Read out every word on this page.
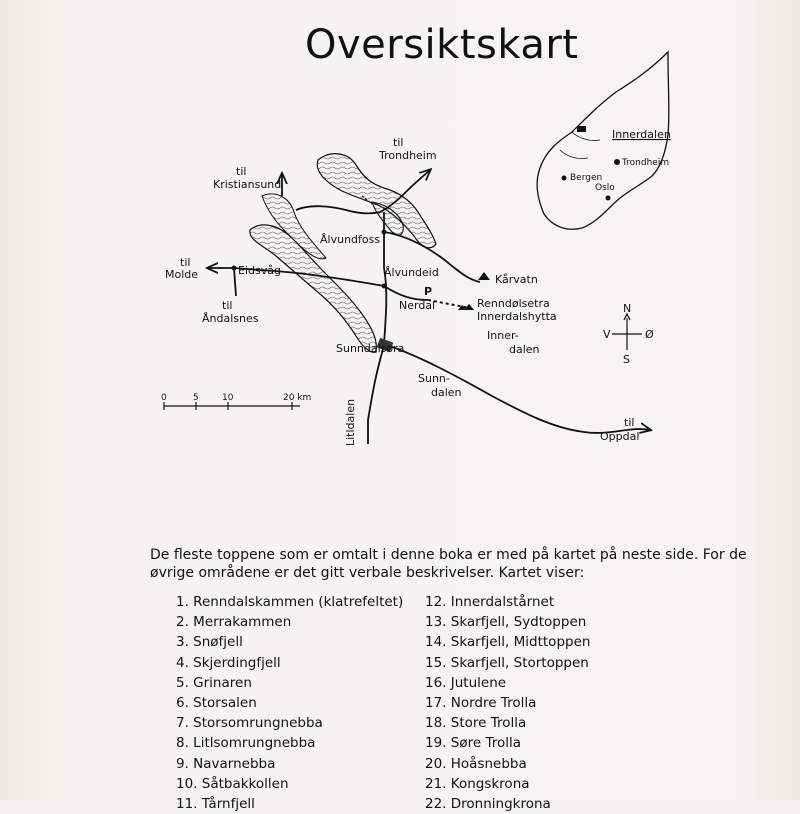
Oversiktskart
til
Trondheim
til
Kristiansund
Ålvundfoss
Ålvundeid
til
Molde	Eidsvåg
til
Åndalsnes
Kårvatn
P
Nerdal	Renndølsetra
Innerdalshytta
Inner-
dalen
Sunndalsøra
Sunn-
dalen
Litldalen	til
Oppdal
N
S
V	Ø
0	5	10	20 km
Trondheim
Innerdalen
Bergen
Oslo
De fleste toppene som er omtalt i denne boka er med på kartet på neste side. For de
øvrige områdene er det gitt verbale beskrivelser. Kartet viser:
1. Renndalskammen (klatrefeltet)
2. Merrakammen
3. Snøfjell
4. Skjerdingfjell
5. Grinaren
6. Storsalen
7. Storsomrungnebba
8. Litlsomrungnebba
9. Navarnebba
10. Såtbakkollen
11. Tårnfjell
12. Innerdalstårnet
13. Skarfjell, Sydtoppen
14. Skarfjell, Midttoppen
15. Skarfjell, Stortoppen
16. Jutulene
17. Nordre Trolla
18. Store Trolla
19. Søre Trolla
20. Hoåsnebba
21. Kongskrona
22. Dronningkrona
